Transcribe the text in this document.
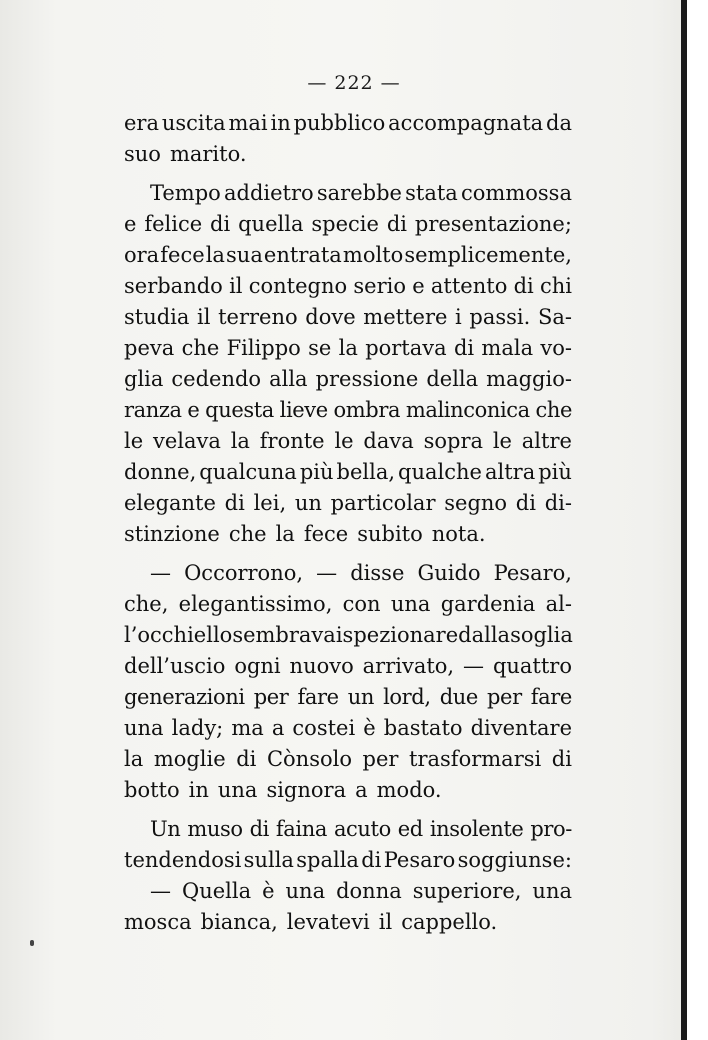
— 222 —
era uscita mai in pubblico accompagnata da
suo marito.
Tempo addietro sarebbe stata commossa
e felice di quella specie di presentazione;
ora fece la sua entrata molto semplicemente,
serbando il contegno serio e attento di chi
studia il terreno dove mettere i passi. Sa-
peva che Filippo se la portava di mala vo-
glia cedendo alla pressione della maggio-
ranza e questa lieve ombra malinconica che
le velava la fronte le dava sopra le altre
donne, qualcuna più bella, qualche altra più
elegante di lei, un particolar segno di di-
stinzione che la fece subito nota.
— Occorrono, — disse Guido Pesaro,
che, elegantissimo, con una gardenia al-
l’occhiello sembrava ispezionare dalla soglia
dell’uscio ogni nuovo arrivato, — quattro
generazioni per fare un lord, due per fare
una lady; ma a costei è bastato diventare
la moglie di Cònsolo per trasformarsi di
botto in una signora a modo.
Un muso di faina acuto ed insolente pro-
tendendosi sulla spalla di Pesaro soggiunse:
— Quella è una donna superiore, una
mosca bianca, levatevi il cappello.
